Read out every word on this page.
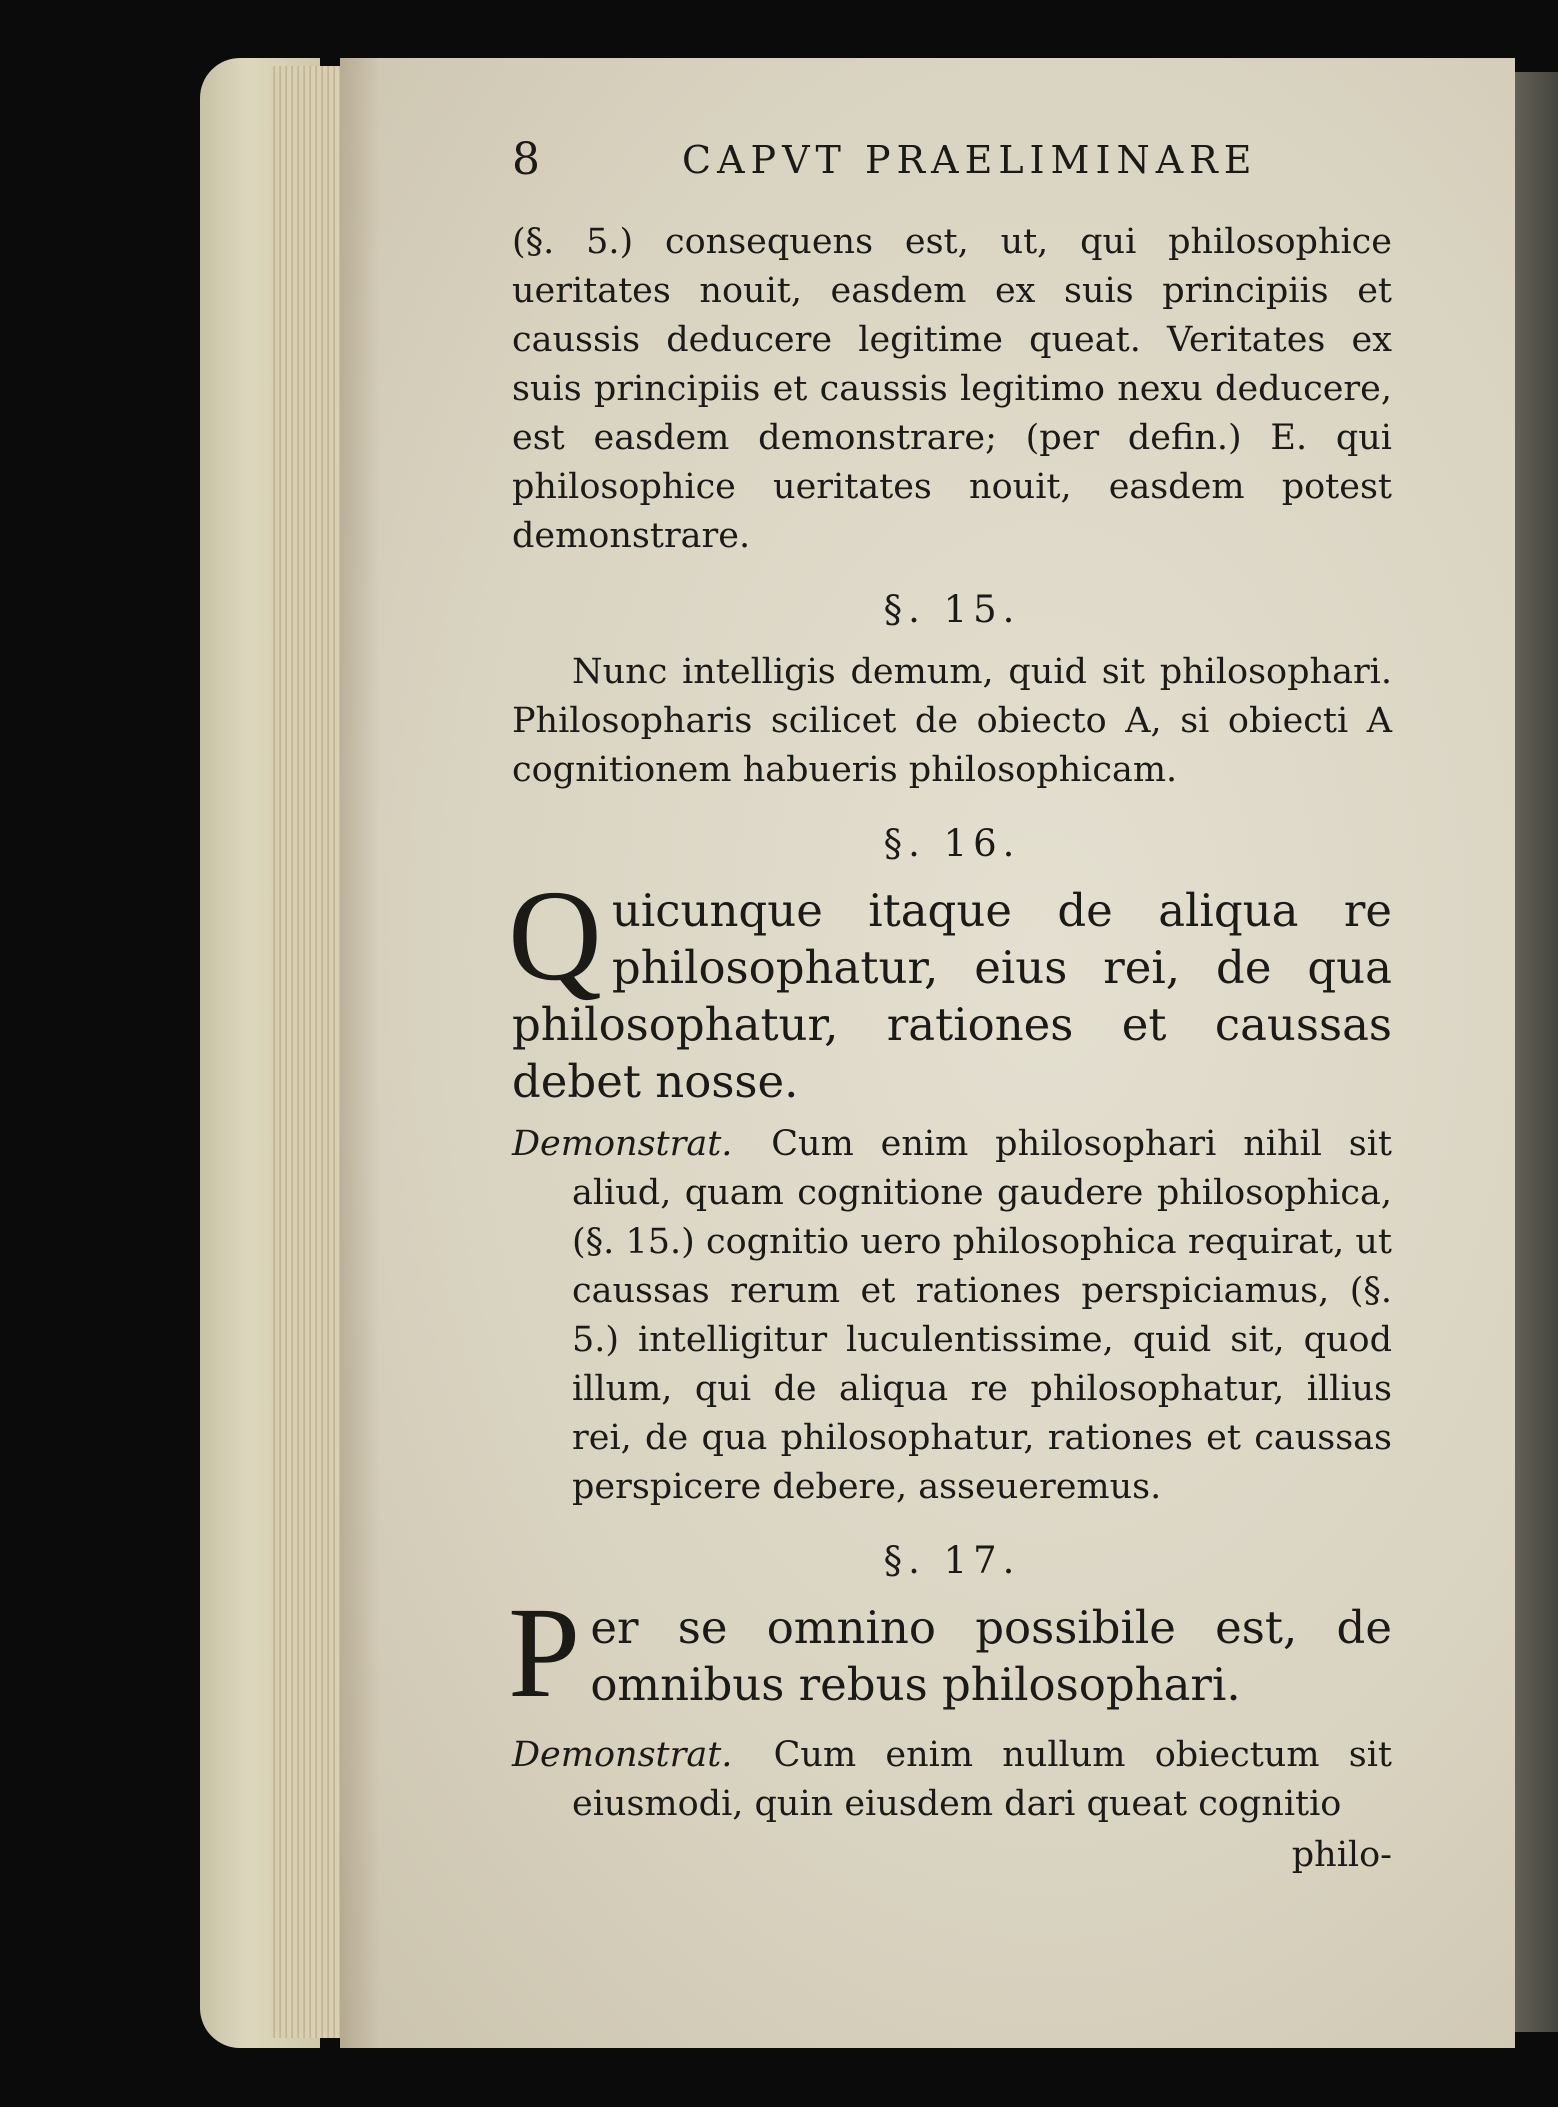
8	CAPVT PRAELIMINARE

(§. 5.) consequens est, ut, qui philosophice ueritates nouit, easdem ex suis principiis et caussis deducere legitime queat. Veritates ex suis principiis et caussis legitimo nexu deducere, est easdem demonstrare; (per defin.) E. qui philosophice ueritates nouit, easdem potest demonstrare.

§. 15.

Nunc intelligis demum, quid sit philosophari. Philosopharis scilicet de obiecto A, si obiecti A cognitionem habueris philosophicam.

§. 16.

Q uicunque itaque de aliqua re philosophatur, eius rei, de qua philosophatur, rationes et caussas debet nosse.

Demonstrat. Cum enim philosophari nihil sit aliud, quam cognitione gaudere philosophica, (§. 15.) cognitio uero philosophica requirat, ut caussas rerum et rationes perspiciamus, (§. 5.) intelligitur luculentissime, quid sit, quod illum, qui de aliqua re philosophatur, illius rei, de qua philosophatur, rationes et caussas perspicere debere, asseueremus.

§. 17.

P er se omnino possibile est, de omnibus rebus philosophari.

Demonstrat. Cum enim nullum obiectum sit eiusmodi, quin eiusdem dari queat cognitio

philo-
